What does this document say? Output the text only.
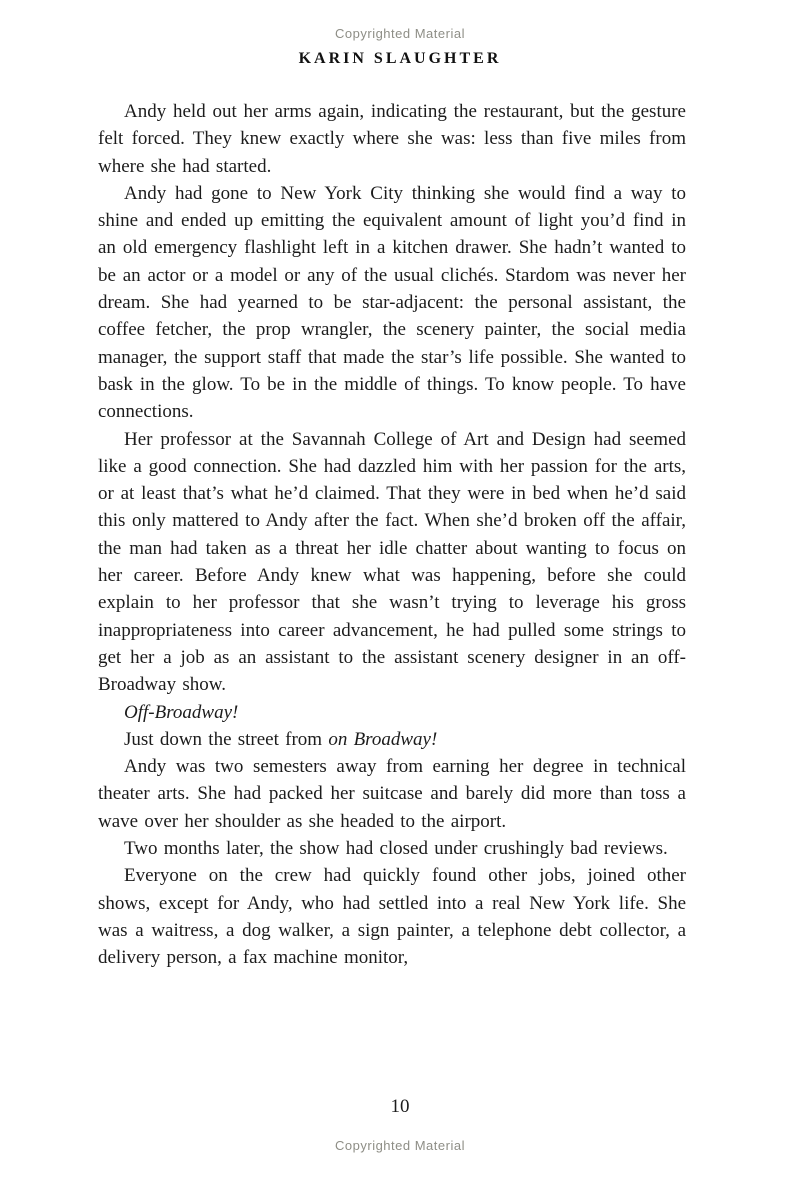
Copyrighted Material
KARIN SLAUGHTER

Andy held out her arms again, indicating the restaurant, but the gesture felt forced. They knew exactly where she was: less than five miles from where she had started.

Andy had gone to New York City thinking she would find a way to shine and ended up emitting the equivalent amount of light you’d find in an old emergency flashlight left in a kitchen drawer. She hadn’t wanted to be an actor or a model or any of the usual clichés. Stardom was never her dream. She had yearned to be star-adjacent: the personal assistant, the coffee fetcher, the prop wrangler, the scenery painter, the social media manager, the support staff that made the star’s life possible. She wanted to bask in the glow. To be in the middle of things. To know people. To have connections.

Her professor at the Savannah College of Art and Design had seemed like a good connection. She had dazzled him with her passion for the arts, or at least that’s what he’d claimed. That they were in bed when he’d said this only mattered to Andy after the fact. When she’d broken off the affair, the man had taken as a threat her idle chatter about wanting to focus on her career. Before Andy knew what was happening, before she could explain to her professor that she wasn’t trying to leverage his gross inappropriateness into career advancement, he had pulled some strings to get her a job as an assistant to the assistant scenery designer in an off-Broadway show.

Off-Broadway!

Just down the street from on Broadway!

Andy was two semesters away from earning her degree in technical theater arts. She had packed her suitcase and barely did more than toss a wave over her shoulder as she headed to the airport.

Two months later, the show had closed under crushingly bad reviews.

Everyone on the crew had quickly found other jobs, joined other shows, except for Andy, who had settled into a real New York life. She was a waitress, a dog walker, a sign painter, a telephone debt collector, a delivery person, a fax machine monitor,

10
Copyrighted Material
